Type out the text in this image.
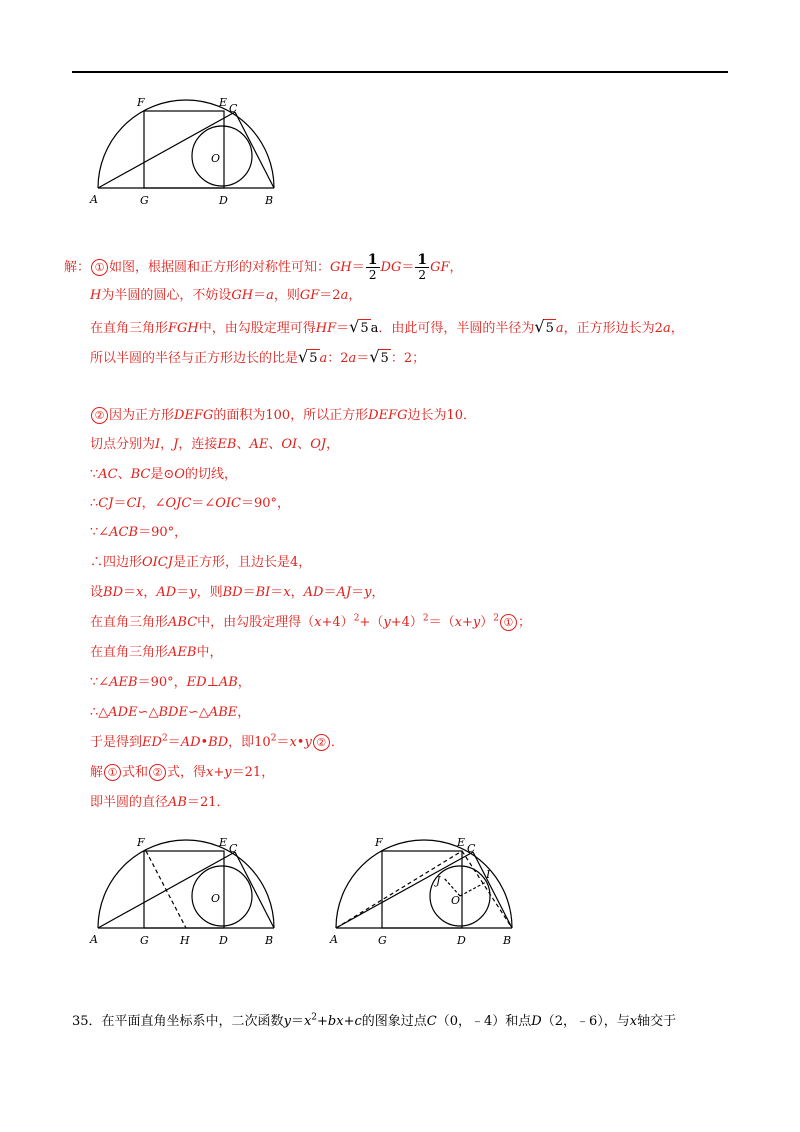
F	E C
O
A	G	D	B
解： ① 如图，根据圆和正方形的对称性可知：$GH= \frac{1}{2} DG= \frac{1}{2}$ GF，
H为半圆的圆心，不妨设GH＝a，则GF＝2a，
在直角三角形FGH中，由勾股定理可得HF＝√5 a．由此可得，半圆的半径为√5 a，正方形边长为2a，
所以半圆的半径与正方形边长的比是√5 a：2a＝√5 ：2；
② 因为正方形DEFG的面积为100，所以正方形DEFG边长为10．
切点分别为I，J，连接EB、AE、OI、OJ，
∵AC、BC是⊙O的切线，
∴CJ＝CI，∠OJC＝∠OIC＝90°，
∵∠ACB＝90°，
∴四边形OICJ是正方形，且边长是4，
设BD＝x，AD＝y，则BD＝BI＝x，AD＝AJ＝y，
在直角三角形ABC中，由勾股定理得$(x+4)^2+(y+4)^2=(x+y)^2$ ① ；
在直角三角形AEB中，
∵∠AEB＝90°，ED⊥AB，
∴△ADE∽△BDE∽△ABE，
于是得到$ED^2=AD•BD$，即$10^2=x•y$ ② ．
解 ① 式和 ② 式，得x+y＝21，
即半圆的直径AB＝21．
F	E C
O
A	G	H	D	B
F	E C
J	I
O
A	G	D	B
35．在平面直角坐标系中，二次函数$y=x^2+bx+c$的图象过点C（0，﹣4）和点D（2，﹣6），与x轴交于
